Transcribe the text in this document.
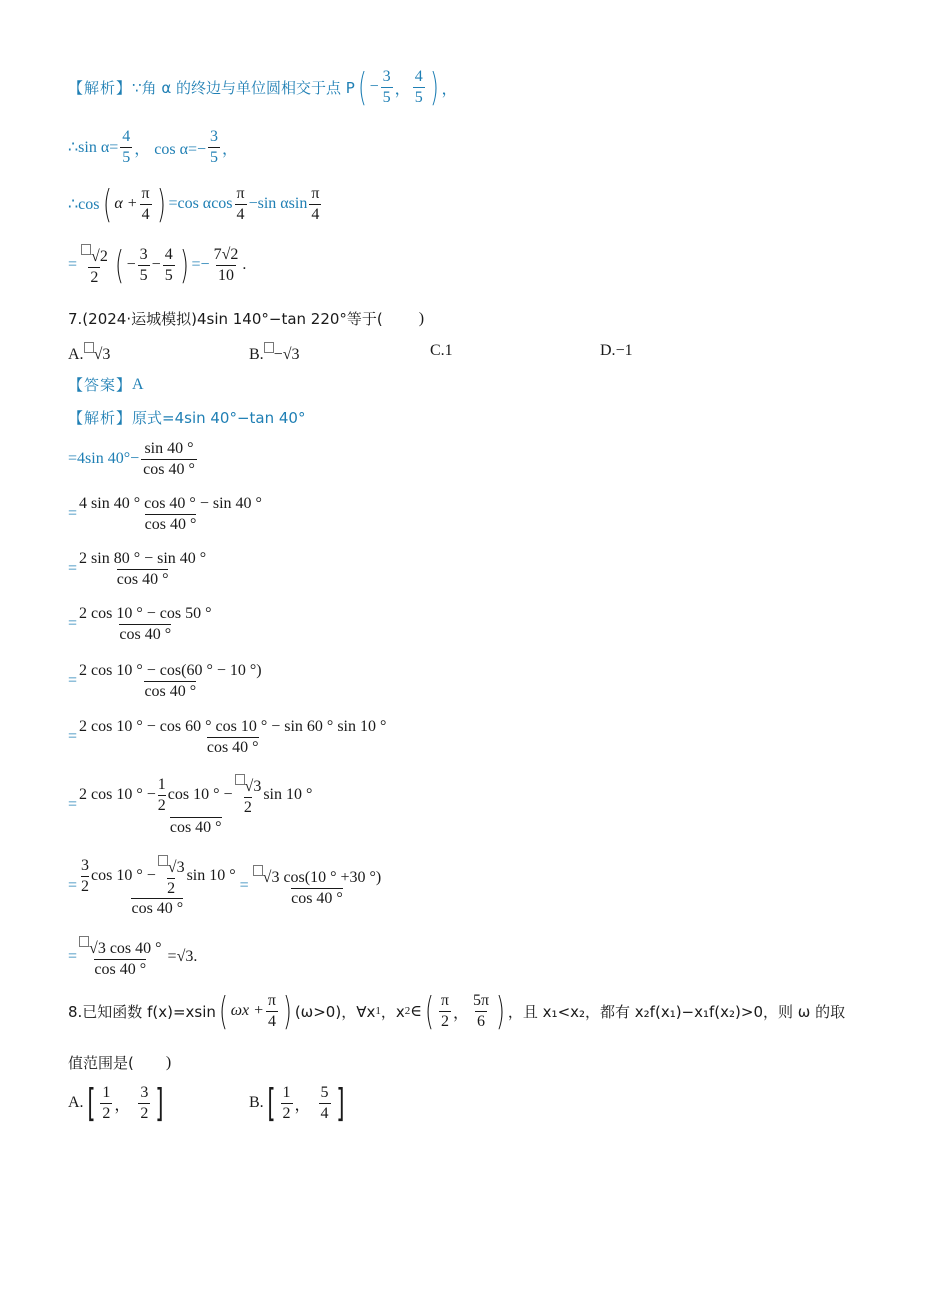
【解析】 ∵角 α 的终边与单位圆相交于点 P ( − $\frac{3}{5}$ ， $\frac{4}{5}$ ) ，
∴sin $\alpha= \frac{4}{5}$ ， $\cos \alpha=- \frac{3}{5}$ ，
∴cos ( $\alpha + \frac{\pi}{4}$ ) =cos αcos $\frac{\pi}{4} -\sin$ αsin $\frac{\pi}{4}$
= $\frac{√2}{2}$ ( − $\frac{3}{5} - \frac{4}{5}$ ) =− $\frac{7√2}{10}$ .
7.(2024·运城模拟)4sin 140°−tan 220°等于( )
A. √3	B. −√3	C.1	D.−1
【答案】 A
【解析】 原式=4sin 40°−tan 40°
=4sin $40^\circ- \frac{\sin 40 ^\circ}{\cos 40 ^\circ}$
= $\frac{4 \sin 40 ^\circ \cos 40 ^\circ - \sin 40 ^\circ}{\cos 40 ^\circ}$
= $\frac{2 \sin 80 ^\circ - \sin 40 ^\circ}{\cos 40 ^\circ}$
= $\frac{2 \cos 10 ^\circ - \cos 50 ^\circ}{\cos 40 ^\circ}$
= $\frac{2 \cos 10 ^\circ - \cos(60 ^\circ - 10 ^\circ)}{\cos 40 ^\circ}$
= $\frac{2 \cos 10 ^\circ - \cos 60 ^\circ \cos 10 ^\circ - \sin 60 ^\circ \sin 10 ^\circ}{\cos 40 ^\circ}$
=
2 cos 10 ° − $\frac{1}{2}$ cos 10 ° − $\frac{√3}{2}$ sin 10 °
cos 40 °
= $\frac{\frac{3}{2} \cos 10 ^\circ - \frac{√3}{2} \sin 10 ^\circ}{\cos 40 ^\circ} = \frac{√3 \cos(10 ^\circ +30 ^\circ)}{\cos 40 ^\circ}$
= $\frac{√3 \cos 40 ^\circ}{\cos 40 ^\circ} =√3$.
8.已知函数 f(x)=xsin ( $\omega x + \frac{\pi}{4}$ ) (ω>0)，∀x 1 ，x 2 ∈ ( $\frac{\pi}{2}$ ， $\frac{5\pi}{6}$ ) ，且 x₁<x₂，都有 x₂f(x₁)−x₁f(x₂)>0，则 ω 的取
值范围是( )
A. [ $\frac{1}{2}$ ， $\frac{3}{2}$ ]	B. [ $\frac{1}{2}$ ， $\frac{5}{4}$ ]
